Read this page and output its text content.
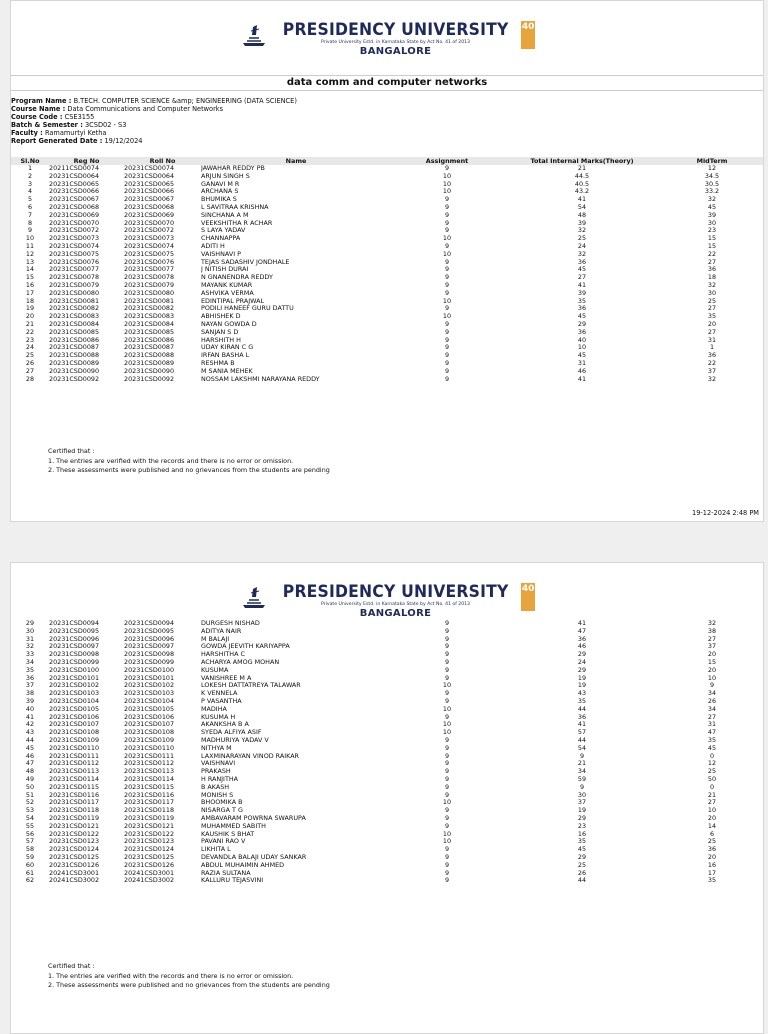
PRESIDENCY UNIVERSITY
Private University Estd. in Karnataka State by Act No. 41 of 2013
BANGALORE
40
data comm and computer networks
Program Name : B.TECH. COMPUTER SCIENCE &amp; ENGINEERING (DATA SCIENCE)
Course Name : Data Communications and Computer Networks
Course Code : CSE3155
Batch & Semester : 3CSD02 - S3
Faculty : Ramamurtyi Ketha
Report Generated Date : 19/12/2024
Sl.No	Reg No	Roll No	Name	Assignment	Total Internal Marks(Theory)	MidTerm
1	20211CSD0074	20231CSD0074	JAWAHAR REDDY PB	9	21	12
2	20231CSD0064	20231CSD0064	ARJUN SINGH S	10	44.5	34.5
3	20231CSD0065	20231CSD0065	GANAVI M R	10	40.5	30.5
4	20231CSD0066	20231CSD0066	ARCHANA S	10	43.2	33.2
5	20231CSD0067	20231CSD0067	BHUMIKA S	9	41	32
6	20231CSD0068	20231CSD0068	L SAVITRAA KRISHNA	9	54	45
7	20231CSD0069	20231CSD0069	SINCHANA A M	9	48	39
8	20231CSD0070	20231CSD0070	VEEKSHITHA R ACHAR	9	39	30
9	20231CSD0072	20231CSD0072	S LAYA YADAV	9	32	23
10	20231CSD0073	20231CSD0073	CHANNAPPA	10	25	15
11	20231CSD0074	20231CSD0074	ADITI H	9	24	15
12	20231CSD0075	20231CSD0075	VAISHNAVI P	10	32	22
13	20231CSD0076	20231CSD0076	TEJAS SADASHIV JONDHALE	9	36	27
14	20231CSD0077	20231CSD0077	J NITISH DURAI	9	45	36
15	20231CSD0078	20231CSD0078	N GNANENDRA REDDY	9	27	18
16	20231CSD0079	20231CSD0079	MAYANK KUMAR	9	41	32
17	20231CSD0080	20231CSD0080	ASHVIKA VERMA	9	39	30
18	20231CSD0081	20231CSD0081	EDINTIPAL PRAJWAL	10	35	25
19	20231CSD0082	20231CSD0082	PODILI HANEEF GURU DATTU	9	36	27
20	20231CSD0083	20231CSD0083	ABHISHEK D	10	45	35
21	20231CSD0084	20231CSD0084	NAYAN GOWDA D	9	29	20
22	20231CSD0085	20231CSD0085	SANJAN S D	9	36	27
23	20231CSD0086	20231CSD0086	HARSHITH H	9	40	31
24	20231CSD0087	20231CSD0087	UDAY KIRAN C G	9	10	1
25	20231CSD0088	20231CSD0088	IRFAN BASHA L	9	45	36
26	20231CSD0089	20231CSD0089	RESHMA B	9	31	22
27	20231CSD0090	20231CSD0090	M SANIA MEHEK	9	46	37
28	20231CSD0092	20231CSD0092	NOSSAM LAKSHMI NARAYANA REDDY	9	41	32
Certified that :
1. The entries are verified with the records and there is no error or omission.
2. These assessments were published and no grievances from the students are pending
19-12-2024 2:48 PM
PRESIDENCY UNIVERSITY
Private University Estd. in Karnataka State by Act No. 41 of 2013
BANGALORE
40
29	20231CSD0094	20231CSD0094	DURGESH NISHAD	9	41	32
30	20231CSD0095	20231CSD0095	ADITYA NAIR	9	47	38
31	20231CSD0096	20231CSD0096	M BALAJI	9	36	27
32	20231CSD0097	20231CSD0097	GOWDA JEEVITH KARIYAPPA	9	46	37
33	20231CSD0098	20231CSD0098	HARSHITHA C	9	29	20
34	20231CSD0099	20231CSD0099	ACHARYA AMOG MOHAN	9	24	15
35	20231CSD0100	20231CSD0100	KUSUMA	9	29	20
36	20231CSD0101	20231CSD0101	VANISHREE M A	9	19	10
37	20231CSD0102	20231CSD0102	LOKESH DATTATREYA TALAWAR	10	19	9
38	20231CSD0103	20231CSD0103	K VENNELA	9	43	34
39	20231CSD0104	20231CSD0104	P VASANTHA	9	35	26
40	20231CSD0105	20231CSD0105	MADIHA	10	44	34
41	20231CSD0106	20231CSD0106	KUSUMA H	9	36	27
42	20231CSD0107	20231CSD0107	AKANKSHA B A	10	41	31
43	20231CSD0108	20231CSD0108	SYEDA ALFIYA ASIF	10	57	47
44	20231CSD0109	20231CSD0109	MADHURIYA YADAV V	9	44	35
45	20231CSD0110	20231CSD0110	NITHYA M	9	54	45
46	20231CSD0111	20231CSD0111	LAXMINARAYAN VINOD RAIKAR	9	9	0
47	20231CSD0112	20231CSD0112	VAISHNAVI	9	21	12
48	20231CSD0113	20231CSD0113	PRAKASH	9	34	25
49	20231CSD0114	20231CSD0114	H RANJITHA	9	59	50
50	20231CSD0115	20231CSD0115	B AKASH	9	9	0
51	20231CSD0116	20231CSD0116	MONISH S	9	30	21
52	20231CSD0117	20231CSD0117	BHOOMIKA B	10	37	27
53	20231CSD0118	20231CSD0118	NISARGA T G	9	19	10
54	20231CSD0119	20231CSD0119	AMBAVARAM POWRNA SWARUPA	9	29	20
55	20231CSD0121	20231CSD0121	MUHAMMED SABITH	9	23	14
56	20231CSD0122	20231CSD0122	KAUSHIK S BHAT	10	16	6
57	20231CSD0123	20231CSD0123	PAVANI RAO V	10	35	25
58	20231CSD0124	20231CSD0124	LIKHITA L	9	45	36
59	20231CSD0125	20231CSD0125	DEVANDLA BALAJI UDAY SANKAR	9	29	20
60	20231CSD0126	20231CSD0126	ABDUL MUHAIMIN AHMED	9	25	16
61	20241CSD3001	20241CSD3001	RAZIA SULTANA	9	26	17
62	20241CSD3002	20241CSD3002	KALLURU TEJASVINI	9	44	35
Certified that :
1. The entries are verified with the records and there is no error or omission.
2. These assessments were published and no grievances from the students are pending
